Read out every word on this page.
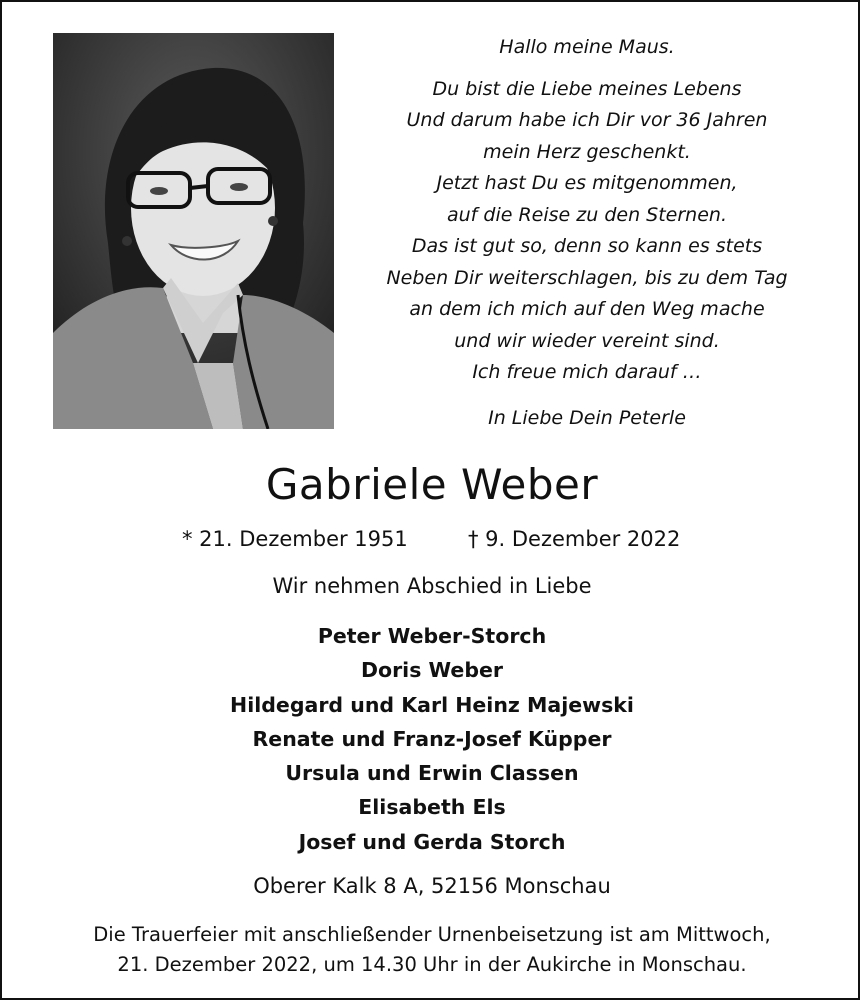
Hallo meine Maus.
Du bist die Liebe meines Lebens
Und darum habe ich Dir vor 36 Jahren
mein Herz geschenkt.
Jetzt hast Du es mitgenommen,
auf die Reise zu den Sternen.
Das ist gut so, denn so kann es stets
Neben Dir weiterschlagen, bis zu dem Tag
an dem ich mich auf den Weg mache
und wir wieder vereint sind.
Ich freue mich darauf …
In Liebe Dein Peterle
Gabriele Weber
* 21. Dezember 1951	† 9. Dezember 2022
Wir nehmen Abschied in Liebe
Peter Weber-Storch
Doris Weber
Hildegard und Karl Heinz Majewski
Renate und Franz-Josef Küpper
Ursula und Erwin Classen
Elisabeth Els
Josef und Gerda Storch
Oberer Kalk 8 A, 52156 Monschau
Die Trauerfeier mit anschließender Urnenbeisetzung ist am Mittwoch,
21. Dezember 2022, um 14.30 Uhr in der Aukirche in Monschau.
